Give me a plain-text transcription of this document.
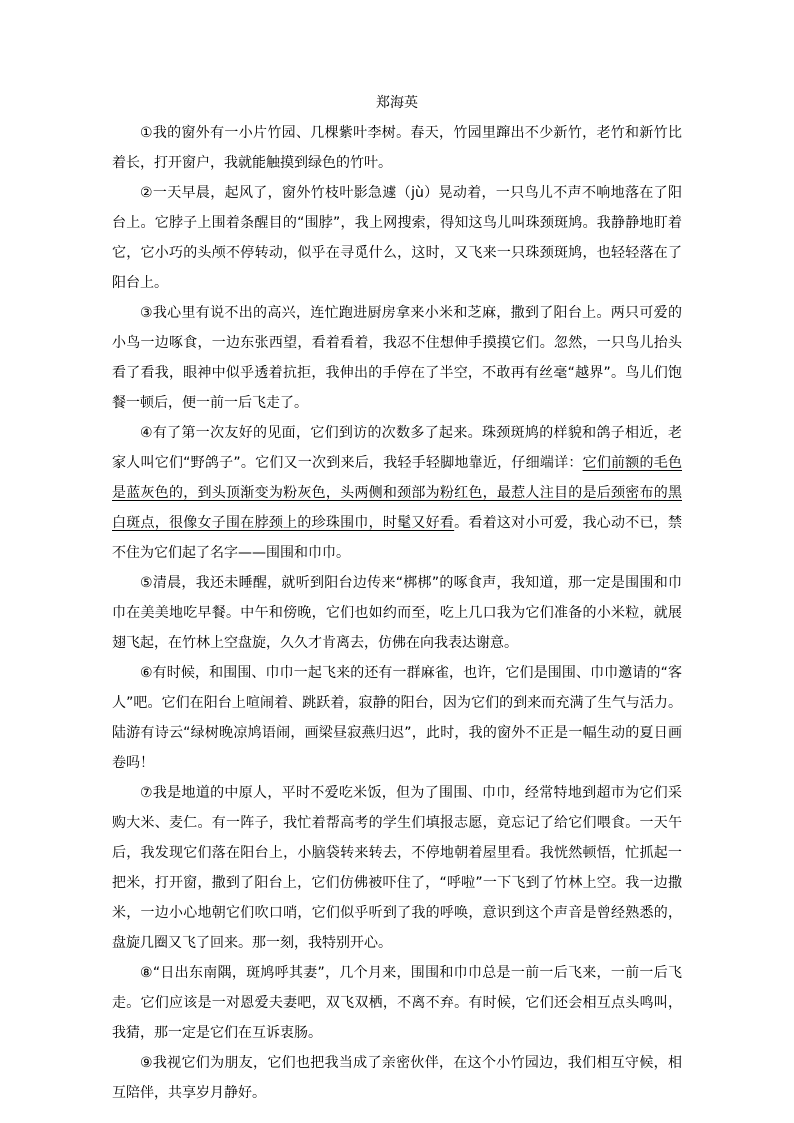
郑海英

①我的窗外有一小片竹园、几棵紫叶李树。春天，竹园里蹿出不少新竹，老竹和新竹比着长，打开窗户，我就能触摸到绿色的竹叶。

②一天早晨，起风了，窗外竹枝叶影急遽（jù）晃动着，一只鸟儿不声不响地落在了阳台上。它脖子上围着条醒目的“围脖”，我上网搜索，得知这鸟儿叫珠颈斑鸠。我静静地盯着它，它小巧的头颅不停转动，似乎在寻觅什么，这时，又飞来一只珠颈斑鸠，也轻轻落在了阳台上。

③我心里有说不出的高兴，连忙跑进厨房拿来小米和芝麻，撒到了阳台上。两只可爱的小鸟一边啄食，一边东张西望，看着看着，我忍不住想伸手摸摸它们。忽然，一只鸟儿抬头看了看我，眼神中似乎透着抗拒，我伸出的手停在了半空，不敢再有丝毫“越界”。鸟儿们饱餐一顿后，便一前一后飞走了。

④有了第一次友好的见面，它们到访的次数多了起来。珠颈斑鸠的样貌和鸽子相近，老家人叫它们“野鸽子”。它们又一次到来后，我轻手轻脚地靠近，仔细端详：它们前额的毛色是蓝灰色的，到头顶渐变为粉灰色，头两侧和颈部为粉红色，最惹人注目的是后颈密布的黑白斑点，很像女子围在脖颈上的珍珠围巾，时髦又好看。看着这对小可爱，我心动不已，禁不住为它们起了名字——围围和巾巾。

⑤清晨，我还未睡醒，就听到阳台边传来“梆梆”的啄食声，我知道，那一定是围围和巾巾在美美地吃早餐。中午和傍晚，它们也如约而至，吃上几口我为它们准备的小米粒，就展翅飞起，在竹林上空盘旋，久久才肯离去，仿佛在向我表达谢意。

⑥有时候，和围围、巾巾一起飞来的还有一群麻雀，也许，它们是围围、巾巾邀请的“客人”吧。它们在阳台上喧闹着、跳跃着，寂静的阳台，因为它们的到来而充满了生气与活力。陆游有诗云“绿树晚凉鸠语闹，画梁昼寂燕归迟”，此时，我的窗外不正是一幅生动的夏日画卷吗！

⑦我是地道的中原人，平时不爱吃米饭，但为了围围、巾巾，经常特地到超市为它们采购大米、麦仁。有一阵子，我忙着帮高考的学生们填报志愿，竟忘记了给它们喂食。一天午后，我发现它们落在阳台上，小脑袋转来转去，不停地朝着屋里看。我恍然顿悟，忙抓起一把米，打开窗，撒到了阳台上，它们仿佛被吓住了，“呼啦”一下飞到了竹林上空。我一边撒米，一边小心地朝它们吹口哨，它们似乎听到了我的呼唤，意识到这个声音是曾经熟悉的，盘旋几圈又飞了回来。那一刻，我特别开心。

⑧“日出东南隅，斑鸠呼其妻”，几个月来，围围和巾巾总是一前一后飞来，一前一后飞走。它们应该是一对恩爱夫妻吧，双飞双栖，不离不弃。有时候，它们还会相互点头鸣叫，我猜，那一定是它们在互诉衷肠。

⑨我视它们为朋友，它们也把我当成了亲密伙伴，在这个小竹园边，我们相互守候，相互陪伴，共享岁月静好。
